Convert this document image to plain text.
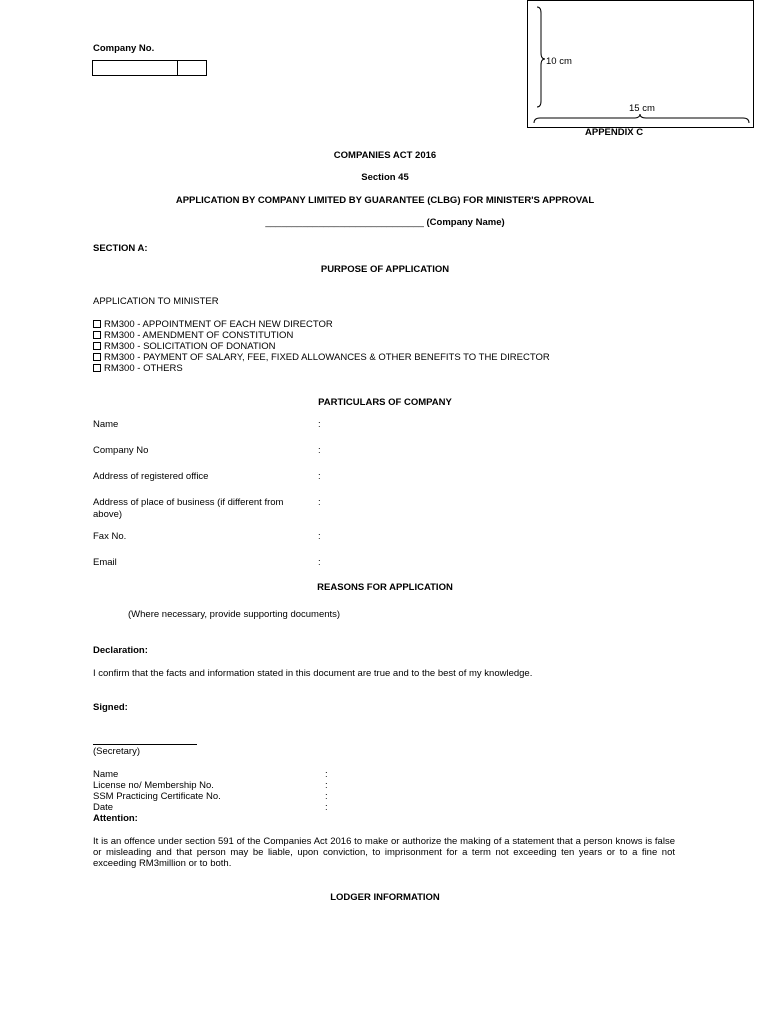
Company No.
10 cm
15 cm
APPENDIX C
COMPANIES ACT 2016
Section 45
APPLICATION BY COMPANY LIMITED BY GUARANTEE (CLBG) FOR MINISTER'S APPROVAL
______________________________ (Company Name)
SECTION A:
PURPOSE OF APPLICATION
APPLICATION TO MINISTER
RM300 - APPOINTMENT OF EACH NEW DIRECTOR
RM300 - AMENDMENT OF CONSTITUTION
RM300 - SOLICITATION OF DONATION
RM300 - PAYMENT OF SALARY, FEE, FIXED ALLOWANCES & OTHER BENEFITS TO THE DIRECTOR
RM300 - OTHERS
PARTICULARS OF COMPANY
Name	:
Company No	:
Address of registered office	:
Address of place of business (if different from above)
:
Fax No.	:
Email	:
REASONS FOR APPLICATION
(Where necessary, provide supporting documents)
Declaration:
I confirm that the facts and information stated in this document are true and to the best of my knowledge.
Signed:
(Secretary)
Name	:
License no/ Membership No.	:
SSM Practicing Certificate No.	:
Date	:
Attention:
It is an offence under section 591 of the Companies Act 2016 to make or authorize the making of a statement that a person knows is false or misleading and that person may be liable, upon conviction, to imprisonment for a term not exceeding ten years or to a fine not exceeding RM3million or to both.
LODGER INFORMATION
